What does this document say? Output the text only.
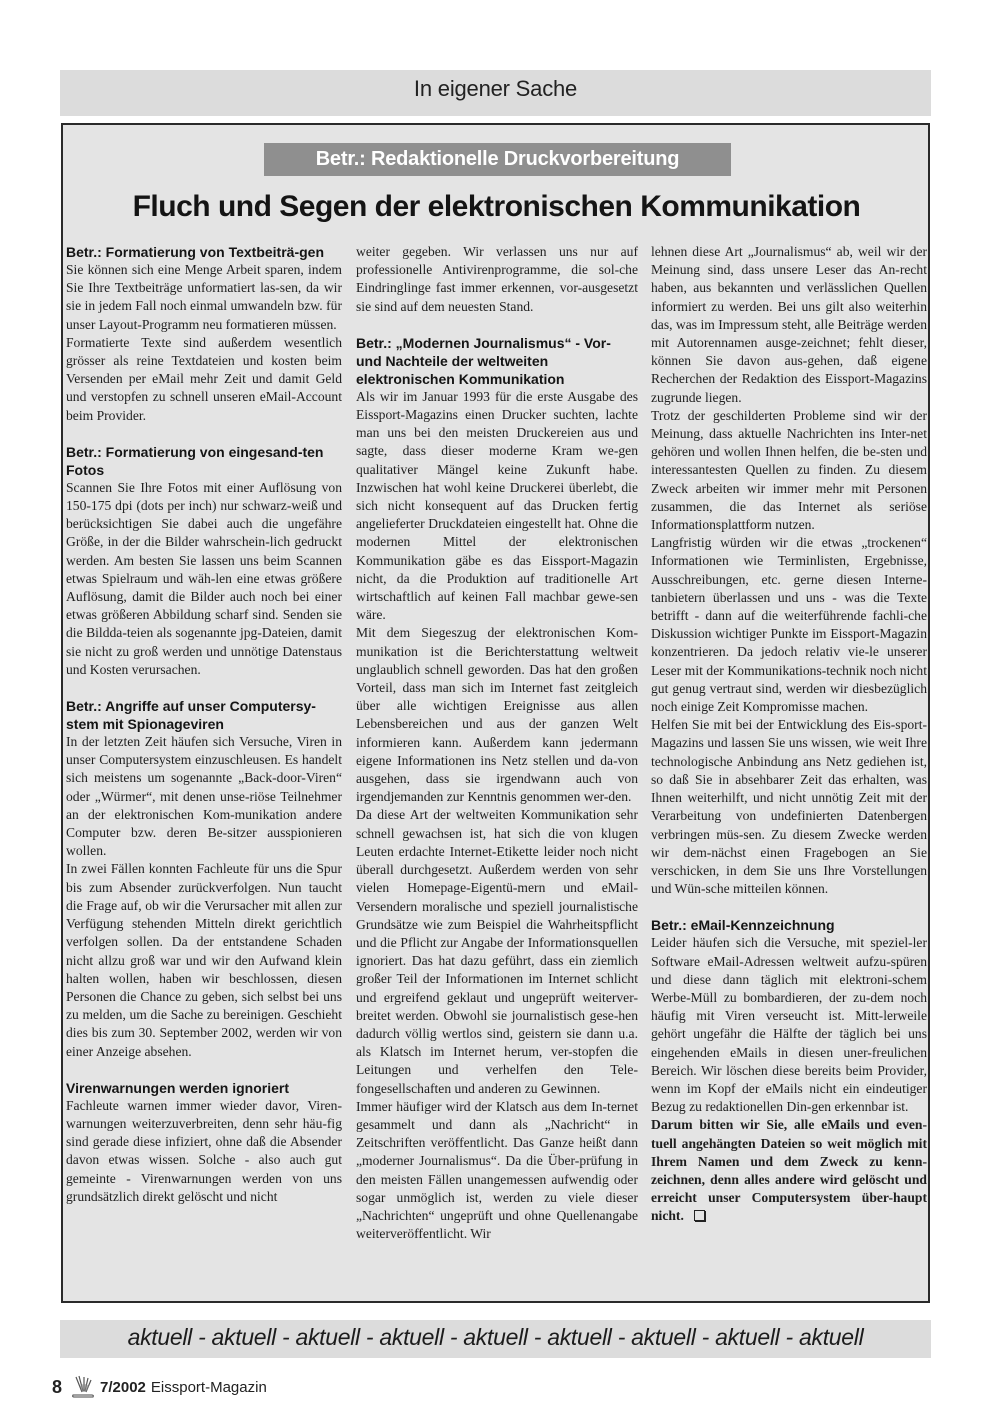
In eigener Sache
Betr.: Redaktionelle Druckvorbereitung
Fluch und Segen der elektronischen Kommunikation
Betr.: Formatierung von Textbeiträ-gen

Sie können sich eine Menge Arbeit sparen, indem Sie Ihre Textbeiträge unformatiert las-sen, da wir sie in jedem Fall noch einmal umwandeln bzw. für unser Layout-Programm neu formatieren müssen.

Formatierte Texte sind außerdem wesentlich grösser als reine Textdateien und kosten beim Versenden per eMail mehr Zeit und damit Geld und verstopfen zu schnell unseren eMail-Account beim Provider.

Betr.: Formatierung von eingesand-ten Fotos

Scannen Sie Ihre Fotos mit einer Auflösung von 150-175 dpi (dots per inch) nur schwarz-weiß und berücksichtigen Sie dabei auch die ungefähre Größe, in der die Bilder wahrschein-lich gedruckt werden. Am besten Sie lassen uns beim Scannen etwas Spielraum und wäh-len eine etwas größere Auflösung, damit die Bilder auch noch bei einer etwas größeren Abbildung scharf sind. Senden sie die Bildda-teien als sogenannte jpg-Dateien, damit sie nicht zu groß werden und unnötige Datenstaus und Kosten verursachen.

Betr.: Angriffe auf unser Computersy-stem mit Spionageviren

In der letzten Zeit häufen sich Versuche, Viren in unser Computersystem einzuschleusen. Es handelt sich meistens um sogenannte „Back-door-Viren“ oder „Würmer“, mit denen unse-riöse Teilnehmer an der elektronischen Kom-munikation andere Computer bzw. deren Be-sitzer ausspionieren wollen.

In zwei Fällen konnten Fachleute für uns die Spur bis zum Absender zurückverfolgen. Nun taucht die Frage auf, ob wir die Verursacher mit allen zur Verfügung stehenden Mitteln direkt gerichtlich verfolgen sollen. Da der entstandene Schaden nicht allzu groß war und wir den Aufwand klein halten wollen, haben wir beschlossen, diesen Personen die Chance zu geben, sich selbst bei uns zu melden, um die Sache zu bereinigen. Geschieht dies bis zum 30. September 2002, werden wir von einer Anzeige absehen.

Virenwarnungen werden ignoriert

Fachleute warnen immer wieder davor, Viren-warnungen weiterzuverbreiten, denn sehr häu-fig sind gerade diese infiziert, ohne daß die Absender davon etwas wissen. Solche - also auch gut gemeinte - Virenwarnungen werden von uns grundsätzlich direkt gelöscht und nicht

weiter gegeben. Wir verlassen uns nur auf professionelle Antivirenprogramme, die sol-che Eindringlinge fast immer erkennen, vor-ausgesetzt sie sind auf dem neuesten Stand.

Betr.: „Modernen Journalismus“ - Vor- und Nachteile der weltweiten elektronischen Kommunikation

Als wir im Januar 1993 für die erste Ausgabe des Eissport-Magazins einen Drucker suchten, lachte man uns bei den meisten Druckereien aus und sagte, dass dieser moderne Kram we-gen qualitativer Mängel keine Zukunft habe. Inzwischen hat wohl keine Druckerei überlebt, die sich nicht konsequent auf das Drucken fertig angelieferter Druckdateien eingestellt hat. Ohne die modernen Mittel der elektronischen Kommunikation gäbe es das Eissport-Magazin nicht, da die Produktion auf traditionelle Art wirtschaftlich auf keinen Fall machbar gewe-sen wäre.

Mit dem Siegeszug der elektronischen Kom-munikation ist die Berichterstattung weltweit unglaublich schnell geworden. Das hat den großen Vorteil, dass man sich im Internet fast zeitgleich über alle wichtigen Ereignisse aus allen Lebensbereichen und aus der ganzen Welt informieren kann. Außerdem kann jedermann eigene Informationen ins Netz stellen und da-von ausgehen, dass sie irgendwann auch von irgendjemanden zur Kenntnis genommen wer-den.

Da diese Art der weltweiten Kommunikation sehr schnell gewachsen ist, hat sich die von klugen Leuten erdachte Internet-Etikette leider noch nicht überall durchgesetzt. Außerdem werden von sehr vielen Homepage-Eigentü-mern und eMail-Versendern moralische und speziell journalistische Grundsätze wie zum Beispiel die Wahrheitspflicht und die Pflicht zur Angabe der Informationsquellen ignoriert. Das hat dazu geführt, dass ein ziemlich großer Teil der Informationen im Internet schlicht und ergreifend geklaut und ungeprüft weiterver-breitet werden. Obwohl sie journalistisch gese-hen dadurch völlig wertlos sind, geistern sie dann u.a. als Klatsch im Internet herum, ver-stopfen die Leitungen und verhelfen den Tele-fongesellschaften und anderen zu Gewinnen.

Immer häufiger wird der Klatsch aus dem In-ternet gesammelt und dann als „Nachricht“ in Zeitschriften veröffentlicht. Das Ganze heißt dann „moderner Journalismus“. Da die Über-prüfung in den meisten Fällen unangemessen aufwendig oder sogar unmöglich ist, werden zu viele dieser „Nachrichten“ ungeprüft und ohne Quellenangabe weiterveröffentlicht. Wir

lehnen diese Art „Journalismus“ ab, weil wir der Meinung sind, dass unsere Leser das An-recht haben, aus bekannten und verlässlichen Quellen informiert zu werden. Bei uns gilt also weiterhin das, was im Impressum steht, alle Beiträge werden mit Autorennamen ausge-zeichnet; fehlt dieser, können Sie davon aus-gehen, daß eigene Recherchen der Redaktion des Eissport-Magazins zugrunde liegen.

Trotz der geschilderten Probleme sind wir der Meinung, dass aktuelle Nachrichten ins Inter-net gehören und wollen Ihnen helfen, die be-sten und interessantesten Quellen zu finden. Zu diesem Zweck arbeiten wir immer mehr mit Personen zusammen, die das Internet als seriöse Informationsplattform nutzen.

Langfristig würden wir die etwas „trockenen“ Informationen wie Terminlisten, Ergebnisse, Ausschreibungen, etc. gerne diesen Interne-tanbietern überlassen und uns - was die Texte betrifft - dann auf die weiterführende fachli-che Diskussion wichtiger Punkte im Eissport-Magazin konzentrieren. Da jedoch relativ vie-le unserer Leser mit der Kommunikations-technik noch nicht gut genug vertraut sind, werden wir diesbezüglich noch einige Zeit Kompromisse machen.

Helfen Sie mit bei der Entwicklung des Eis-sport-Magazins und lassen Sie uns wissen, wie weit Ihre technologische Anbindung ans Netz gediehen ist, so daß Sie in absehbarer Zeit das erhalten, was Ihnen weiterhilft, und nicht unnötig Zeit mit der Verarbeitung von undefinierten Datenbergen verbringen müs-sen. Zu diesem Zwecke werden wir dem-nächst einen Fragebogen an Sie verschicken, in dem Sie uns Ihre Vorstellungen und Wün-sche mitteilen können.

Betr.: eMail-Kennzeichnung

Leider häufen sich die Versuche, mit speziel-ler Software eMail-Adressen weltweit aufzu-spüren und diese dann täglich mit elektroni-schem Werbe-Müll zu bombardieren, der zu-dem noch häufig mit Viren verseucht ist. Mitt-lerweile gehört ungefähr die Hälfte der täglich bei uns eingehenden eMails in diesen uner-freulichen Bereich. Wir löschen diese bereits beim Provider, wenn im Kopf der eMails nicht ein eindeutiger Bezug zu redaktionellen Din-gen erkennbar ist.

Darum bitten wir Sie, alle eMails und even-tuell angehängten Dateien so weit möglich mit Ihrem Namen und dem Zweck zu kenn-zeichnen, denn alles andere wird gelöscht und erreicht unser Computersystem über-haupt nicht.

aktuell - aktuell - aktuell - aktuell - aktuell - aktuell - aktuell - aktuell - aktuell
8	7/2002 Eissport-Magazin
